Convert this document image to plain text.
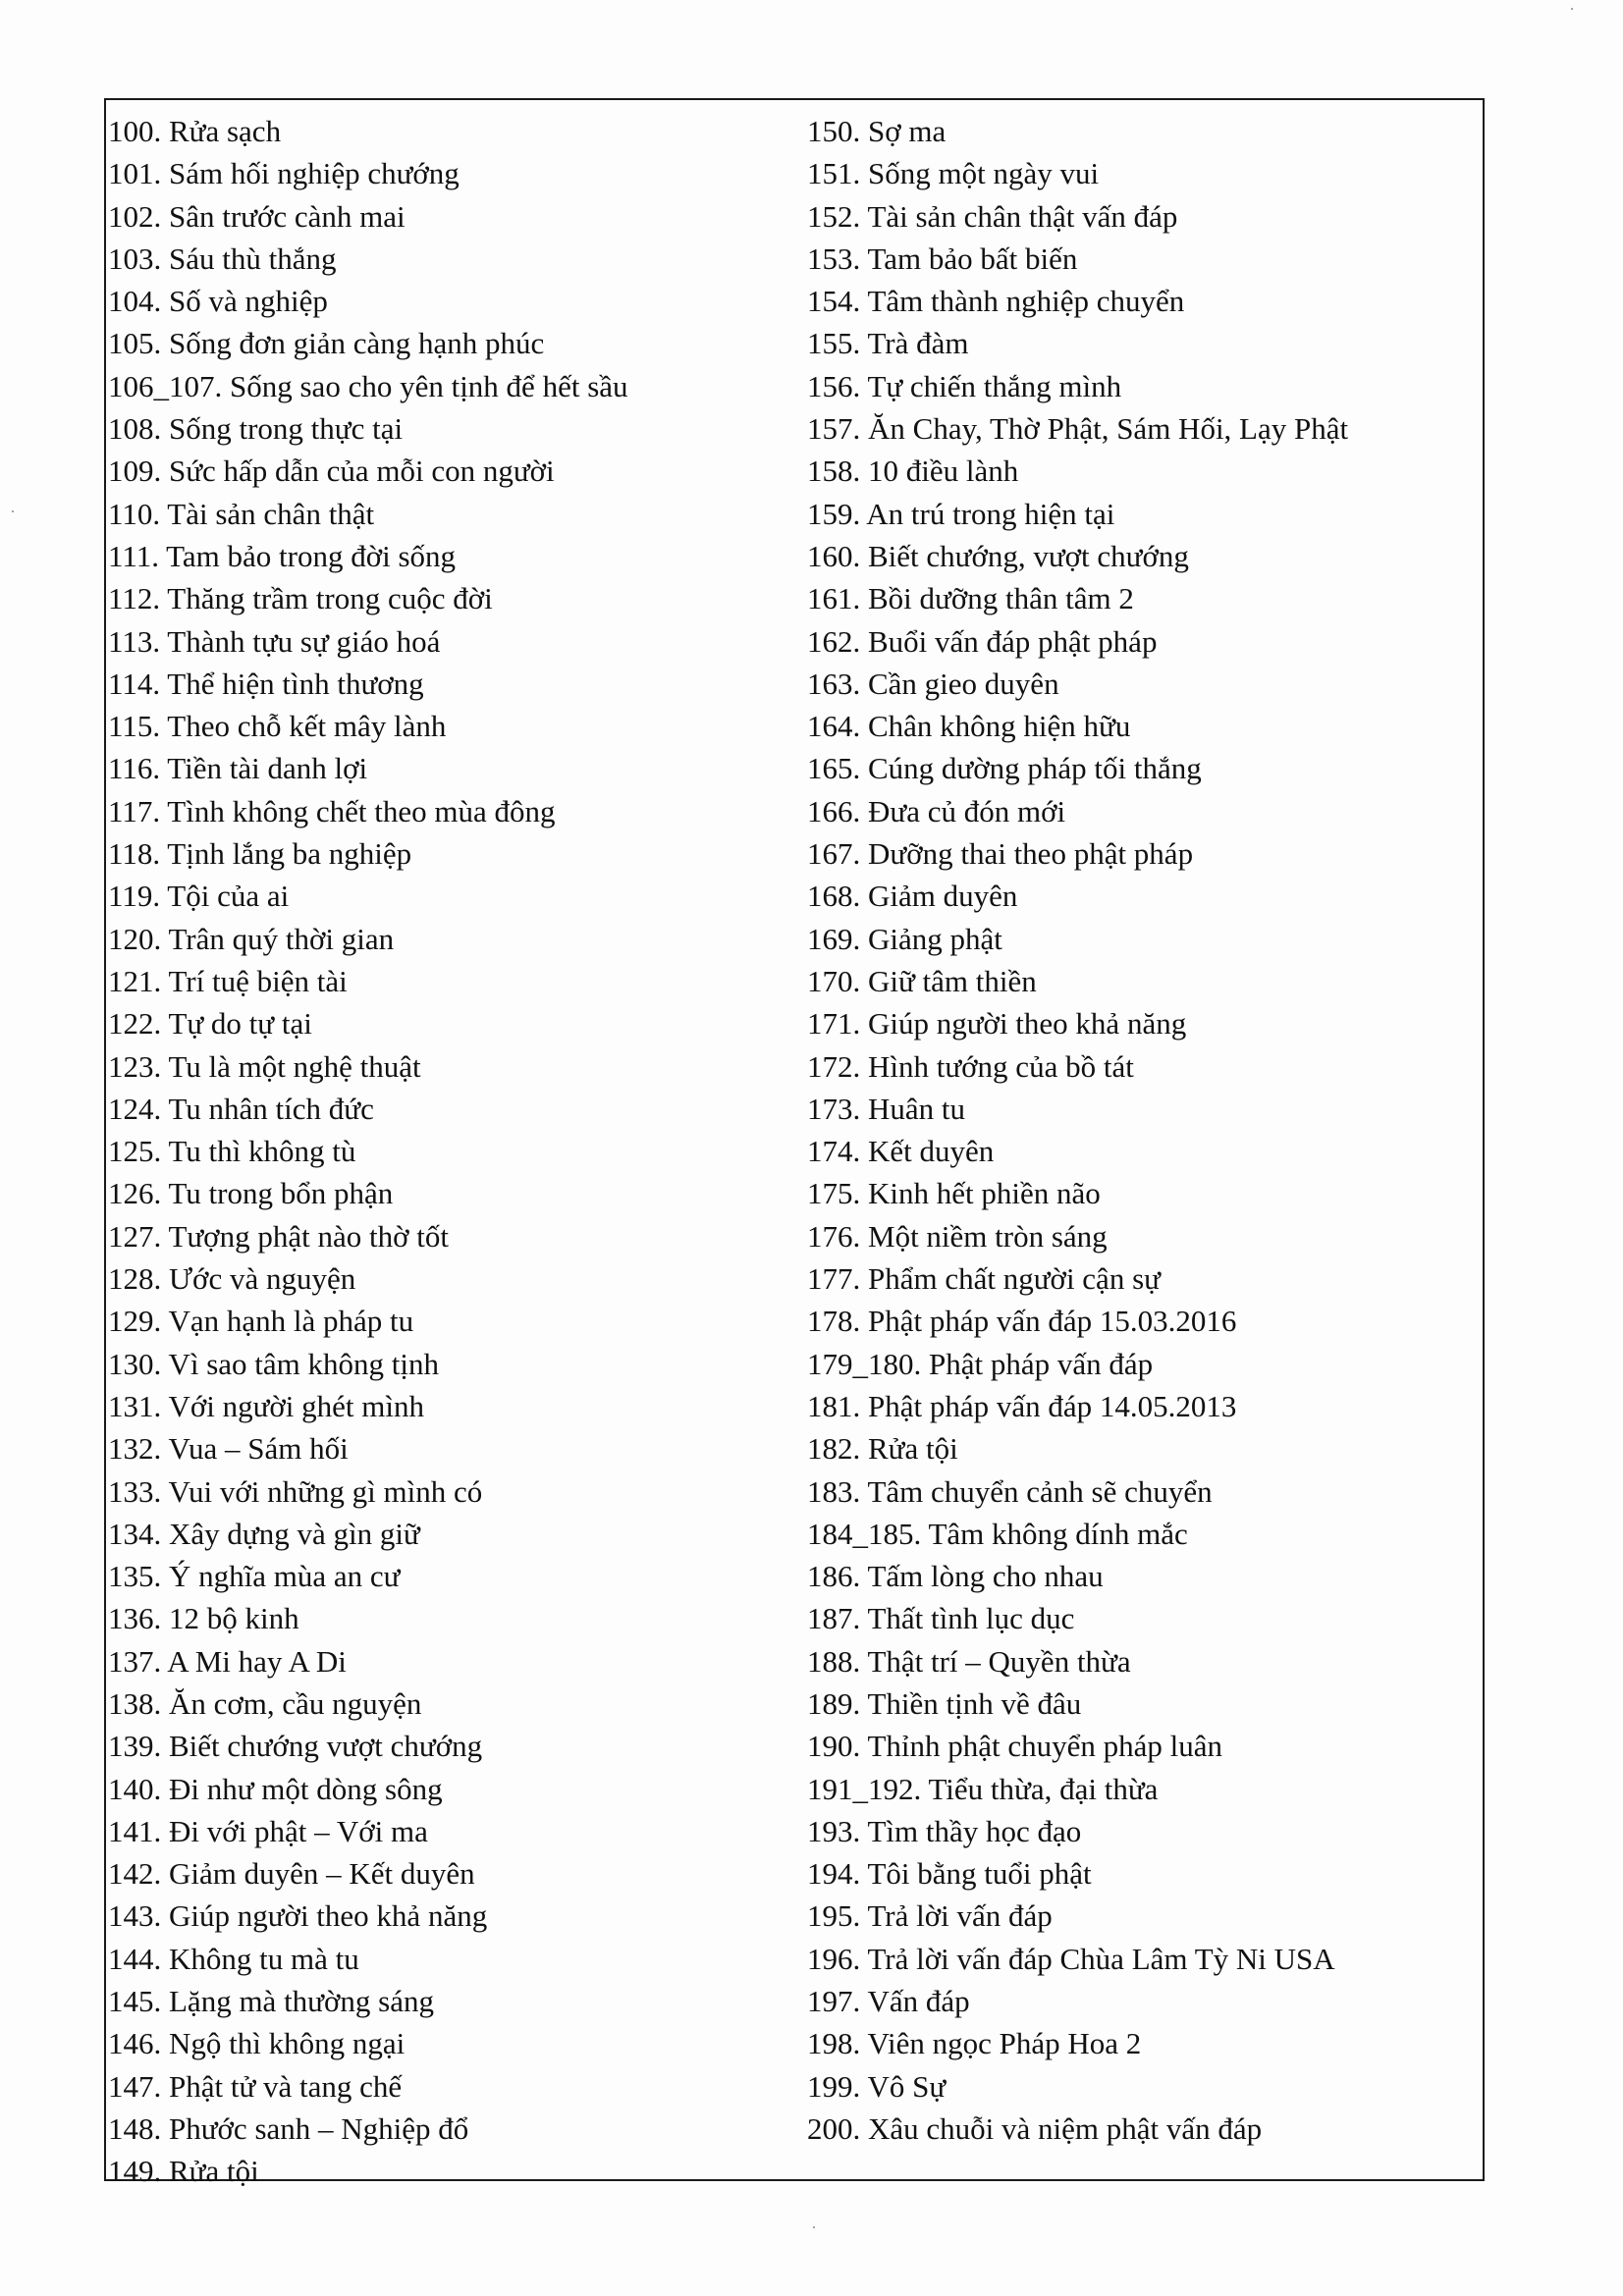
100. Rửa sạch
101. Sám hối nghiệp chướng
102. Sân trước cành mai
103. Sáu thù thắng
104. Số và nghiệp
105. Sống đơn giản càng hạnh phúc
106_107. Sống sao cho yên tịnh để hết sầu
108. Sống trong thực tại
109. Sức hấp dẫn của mỗi con người
110. Tài sản chân thật
111. Tam bảo trong đời sống
112. Thăng trầm trong cuộc đời
113. Thành tựu sự giáo hoá
114. Thể hiện tình thương
115. Theo chỗ kết mây lành
116. Tiền tài danh lợi
117. Tình không chết theo mùa đông
118. Tịnh lắng ba nghiệp
119. Tội của ai
120. Trân quý thời gian
121. Trí tuệ biện tài
122. Tự do tự tại
123. Tu là một nghệ thuật
124. Tu nhân tích đức
125. Tu thì không tù
126. Tu trong bổn phận
127. Tượng phật nào thờ tốt
128. Ước và nguyện
129. Vạn hạnh là pháp tu
130. Vì sao tâm không tịnh
131. Với người ghét mình
132. Vua – Sám hối
133. Vui với những gì mình có
134. Xây dựng và gìn giữ
135. Ý nghĩa mùa an cư
136. 12 bộ kinh
137. A Mi hay A Di
138. Ăn cơm, cầu nguyện
139. Biết chướng vượt chướng
140. Đi như một dòng sông
141. Đi với phật – Với ma
142. Giảm duyên – Kết duyên
143. Giúp người theo khả năng
144. Không tu mà tu
145. Lặng mà thường sáng
146. Ngộ thì không ngại
147. Phật tử và tang chế
148. Phước sanh – Nghiệp đổ
149. Rửa tội
150. Sợ ma
151. Sống một ngày vui
152. Tài sản chân thật vấn đáp
153. Tam bảo bất biến
154. Tâm thành nghiệp chuyển
155. Trà đàm
156. Tự chiến thắng mình
157. Ăn Chay, Thờ Phật, Sám Hối, Lạy Phật
158. 10 điều lành
159. An trú trong hiện tại
160. Biết chướng, vượt chướng
161. Bồi dưỡng thân tâm 2
162. Buổi vấn đáp phật pháp
163. Cần gieo duyên
164. Chân không hiện hữu
165. Cúng dường pháp tối thắng
166. Đưa củ đón mới
167. Dưỡng thai theo phật pháp
168. Giảm duyên
169. Giảng phật
170. Giữ tâm thiền
171. Giúp người theo khả năng
172. Hình tướng của bồ tát
173. Huân tu
174. Kết duyên
175. Kinh hết phiền não
176. Một niềm tròn sáng
177. Phẩm chất người cận sự
178. Phật pháp vấn đáp 15.03.2016
179_180. Phật pháp vấn đáp
181. Phật pháp vấn đáp 14.05.2013
182. Rửa tội
183. Tâm chuyển cảnh sẽ chuyển
184_185. Tâm không dính mắc
186. Tấm lòng cho nhau
187. Thất tình lục dục
188. Thật trí – Quyền thừa
189. Thiền tịnh về đâu
190. Thỉnh phật chuyển pháp luân
191_192. Tiểu thừa, đại thừa
193. Tìm thầy học đạo
194. Tôi bằng tuổi phật
195. Trả lời vấn đáp
196. Trả lời vấn đáp Chùa Lâm Tỳ Ni USA
197. Vấn đáp
198. Viên ngọc Pháp Hoa 2
199. Vô Sự
200. Xâu chuỗi và niệm phật vấn đáp
